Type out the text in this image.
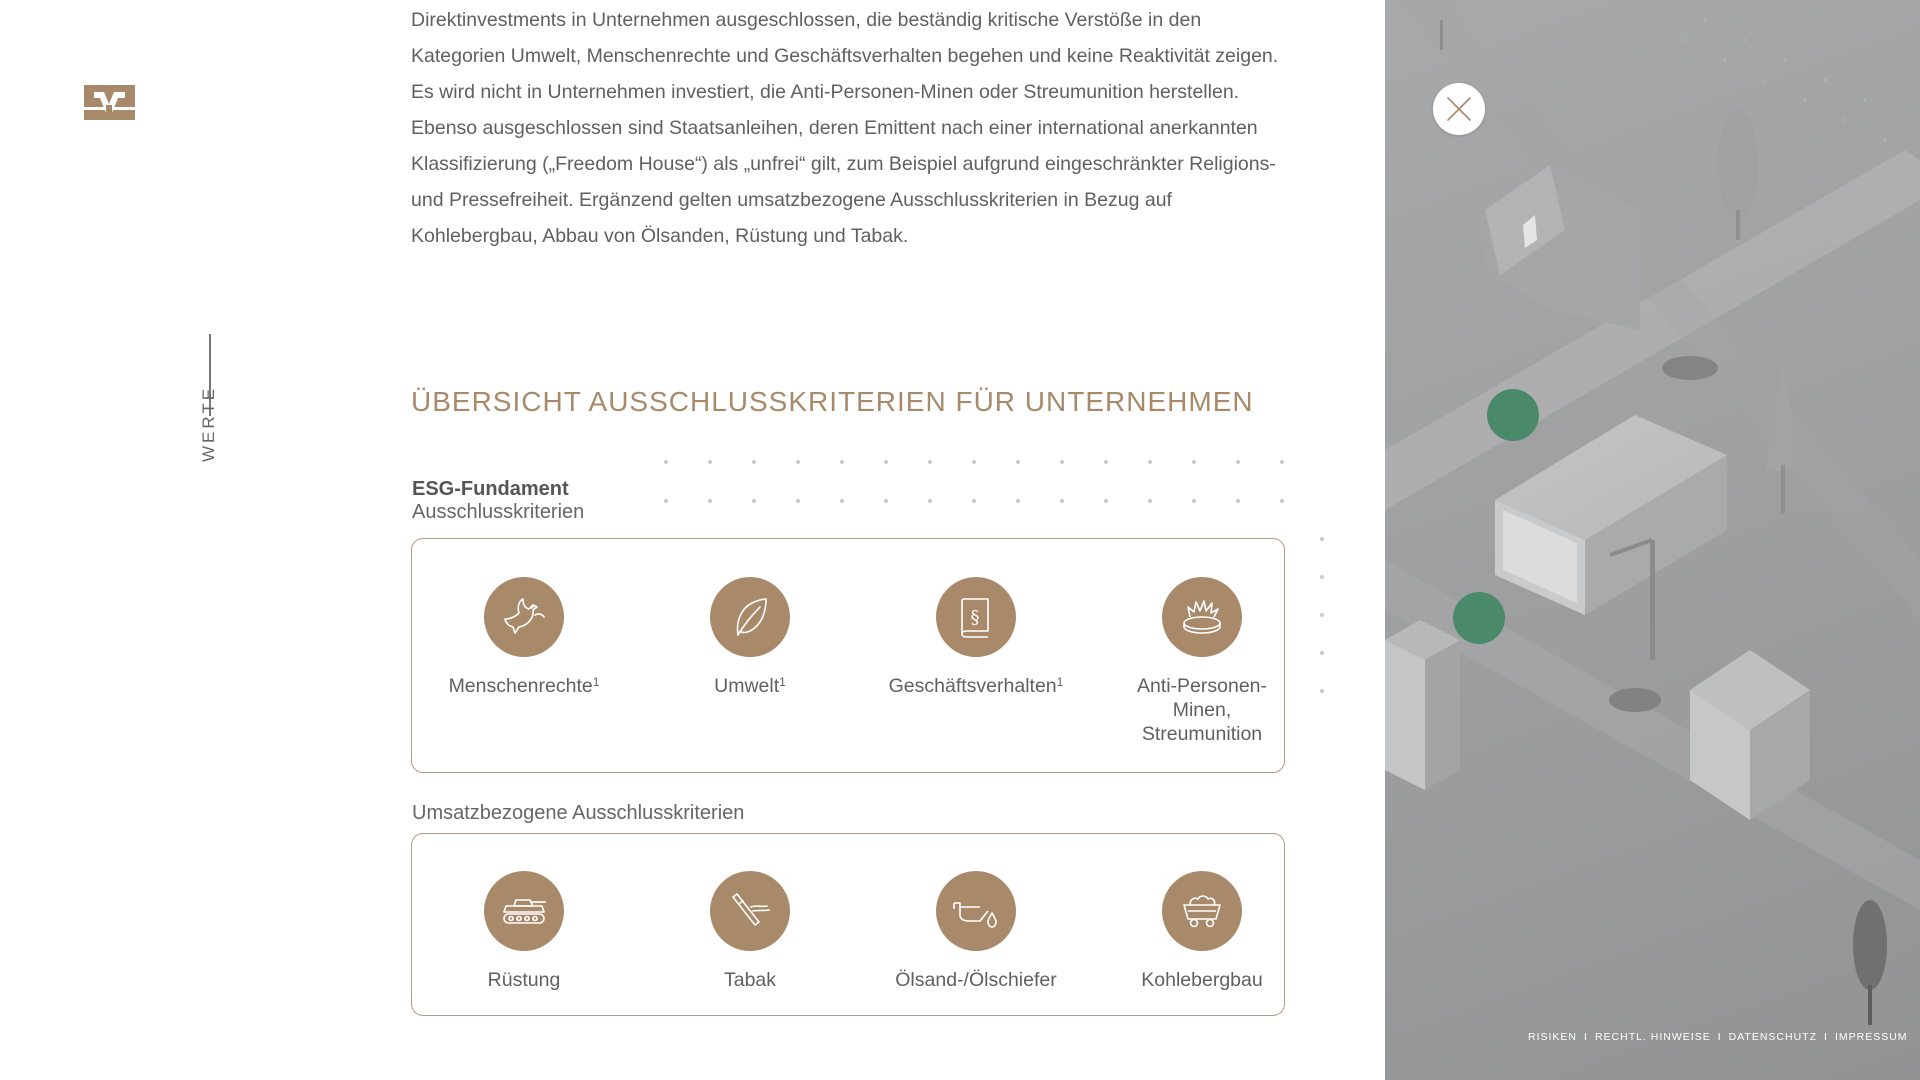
WERTE

Direktinvestments in Unternehmen ausgeschlossen, die beständig kritische Verstöße in den

Kategorien Umwelt, Menschenrechte und Geschäftsverhalten begehen und keine Reaktivität zeigen.

Es wird nicht in Unternehmen investiert, die Anti-Personen-Minen oder Streumunition herstellen.

Ebenso ausgeschlossen sind Staatsanleihen, deren Emittent nach einer international anerkannten

Klassifizierung („Freedom House“) als „unfrei“ gilt, zum Beispiel aufgrund eingeschränkter Religions-

und Pressefreiheit. Ergänzend gelten umsatzbezogene Ausschlusskriterien in Bezug auf

Kohlebergbau, Abbau von Ölsanden, Rüstung und Tabak.

ÜBERSICHT AUSSCHLUSSKRITERIEN FÜR UNTERNEHMEN
ESG-Fundament
Ausschlusskriterien
Menschenrechte$^1$	Umwelt$^1$
§
Geschäftsverhalten$^1$	Anti-Personen-
Minen,
Streumunition
Umsatzbezogene Ausschlusskriterien
Rüstung	Tabak	Ölsand-/Ölschiefer	Kohlebergbau
RISIKEN I RECHTL. HINWEISE I DATENSCHUTZ I IMPRESSUM
